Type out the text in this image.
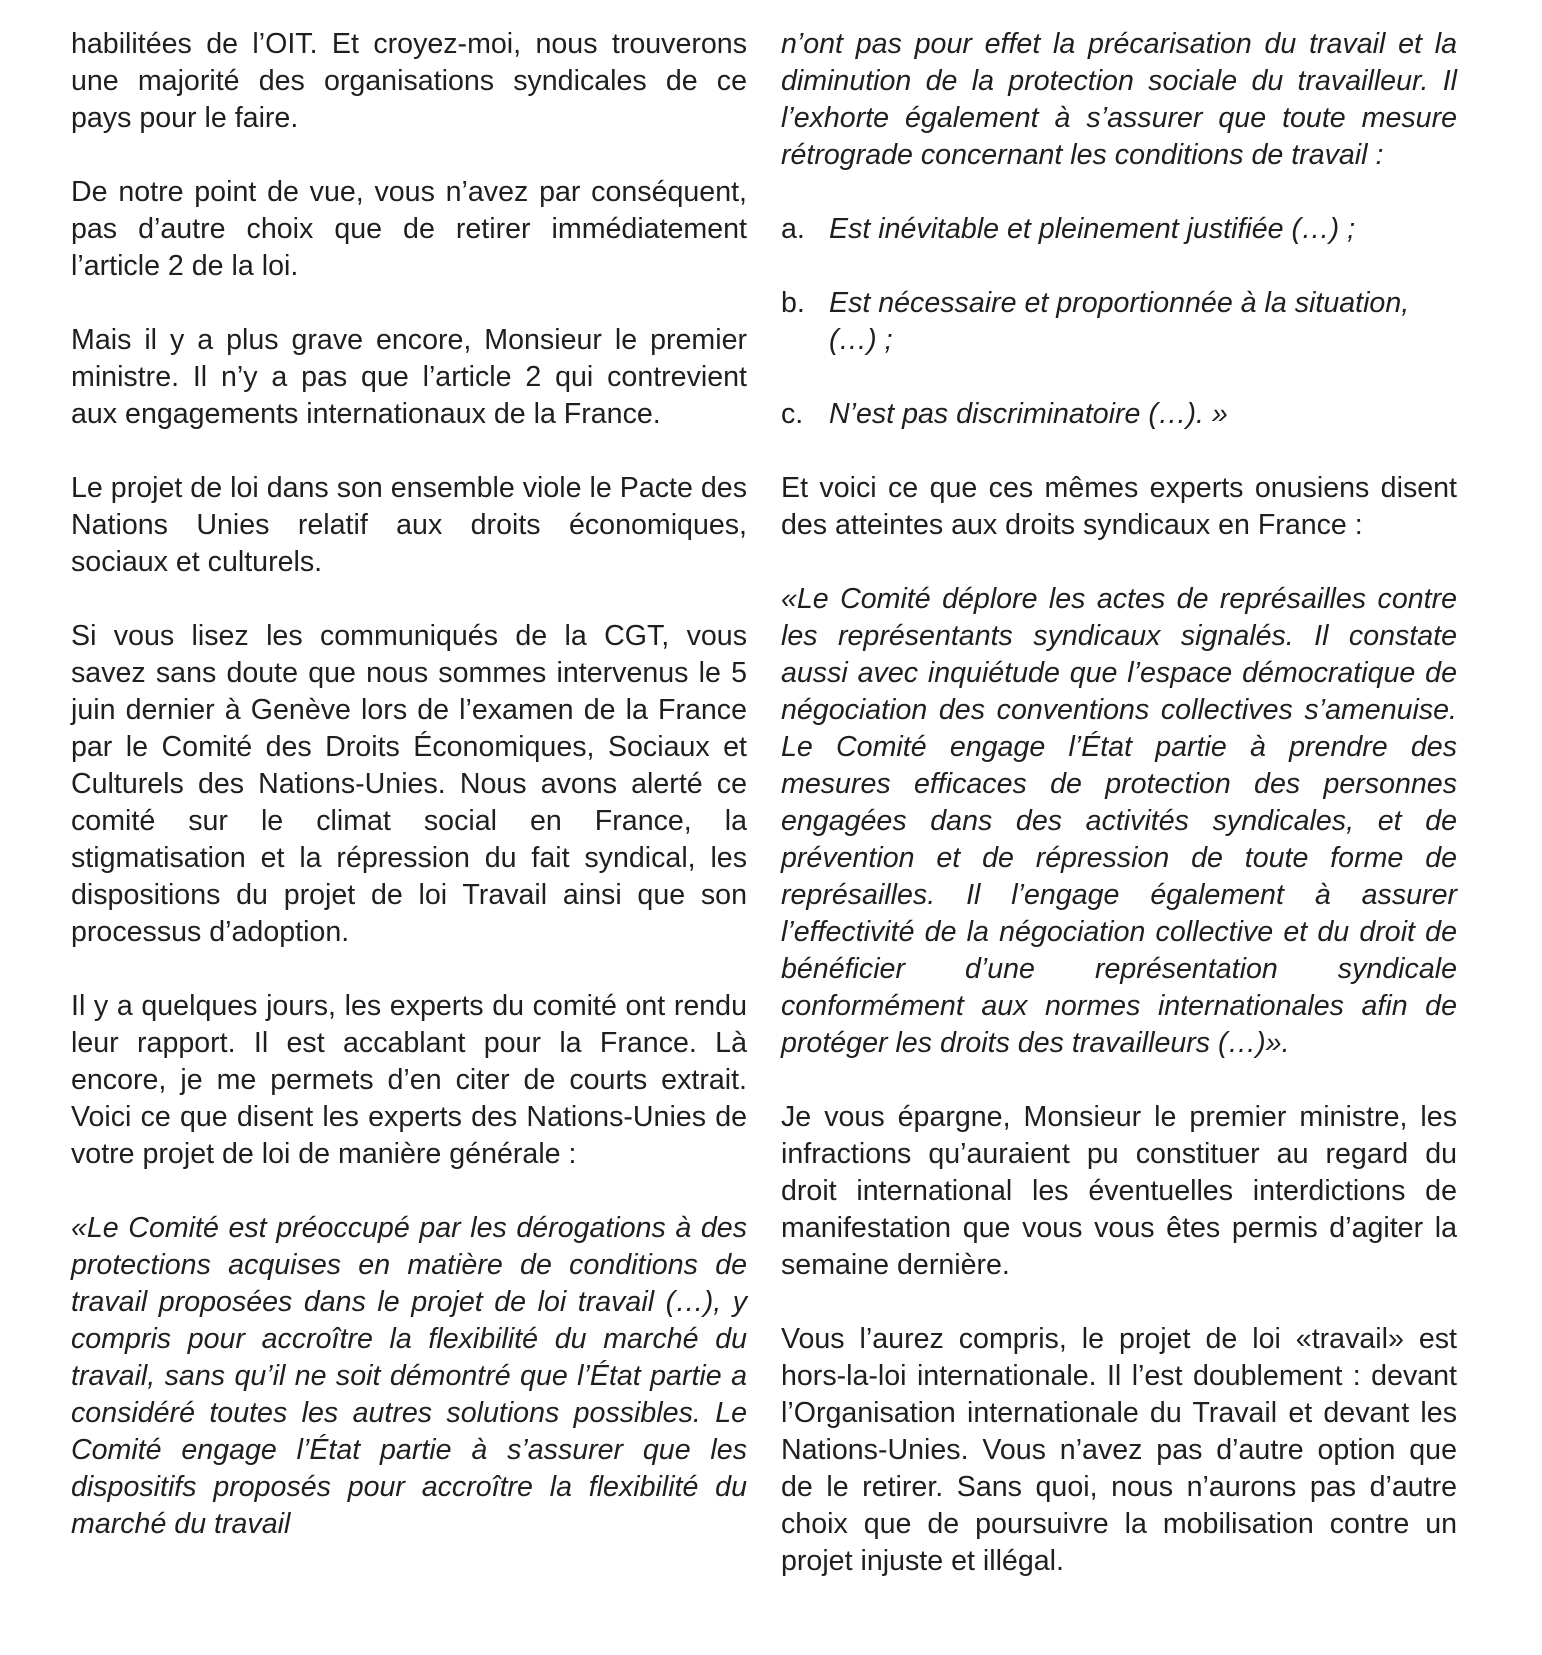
habilitées de l’OIT. Et croyez-moi, nous trouverons une majorité des organisations syndicales de ce pays pour le faire.

De notre point de vue, vous n’avez par conséquent, pas d’autre choix que de retirer immédiatement l’article 2 de la loi.

Mais il y a plus grave encore, Monsieur le premier ministre. Il n’y a pas que l’article 2 qui contrevient aux engagements internationaux de la France.

Le projet de loi dans son ensemble viole le Pacte des Nations Unies relatif aux droits économiques, sociaux et culturels.

Si vous lisez les communiqués de la CGT, vous savez sans doute que nous sommes intervenus le 5 juin dernier à Genève lors de l’examen de la France par le Comité des Droits Économiques, Sociaux et Culturels des Nations-Unies. Nous avons alerté ce comité sur le climat social en France, la stigmatisation et la répression du fait syndical, les dispositions du projet de loi Travail ainsi que son processus d’adoption.

Il y a quelques jours, les experts du comité ont rendu leur rapport. Il est accablant pour la France. Là encore, je me permets d’en citer de courts extrait. Voici ce que disent les experts des Nations-Unies de votre projet de loi de manière générale :

«Le Comité est préoccupé par les dérogations à des protections acquises en matière de conditions de travail proposées dans le projet de loi travail (…), y compris pour accroître la flexibilité du marché du travail, sans qu’il ne soit démontré que l’État partie a considéré toutes les autres solutions possibles. Le Comité engage l’État partie à s’assurer que les dispositifs proposés pour accroître la flexibilité du marché du travail

n’ont pas pour effet la précarisation du travail et la diminution de la protection sociale du travailleur. Il l’exhorte également à s’assurer que toute mesure rétrograde concernant les conditions de travail :

a. Est inévitable et pleinement justifiée (…) ;
b. Est nécessaire et proportionnée à la situation, (…) ;
c. N’est pas discriminatoire (…). »

Et voici ce que ces mêmes experts onusiens disent des atteintes aux droits syndicaux en France :

«Le Comité déplore les actes de représailles contre les représentants syndicaux signalés. Il constate aussi avec inquiétude que l’espace démocratique de négociation des conventions collectives s’amenuise. Le Comité engage l’État partie à prendre des mesures efficaces de protection des personnes engagées dans des activités syndicales, et de prévention et de répression de toute forme de représailles. Il l’engage également à assurer l’effectivité de la négociation collective et du droit de bénéficier d’une représentation syndicale conformément aux normes internationales afin de protéger les droits des travailleurs (…)».

Je vous épargne, Monsieur le premier ministre, les infractions qu’auraient pu constituer au regard du droit international les éventuelles interdictions de manifestation que vous vous êtes permis d’agiter la semaine dernière.

Vous l’aurez compris, le projet de loi «travail» est hors-la-loi internationale. Il l’est doublement : devant l’Organisation internationale du Travail et devant les Nations-Unies. Vous n’avez pas d’autre option que de le retirer. Sans quoi, nous n’aurons pas d’autre choix que de poursuivre la mobilisation contre un projet injuste et illégal.
